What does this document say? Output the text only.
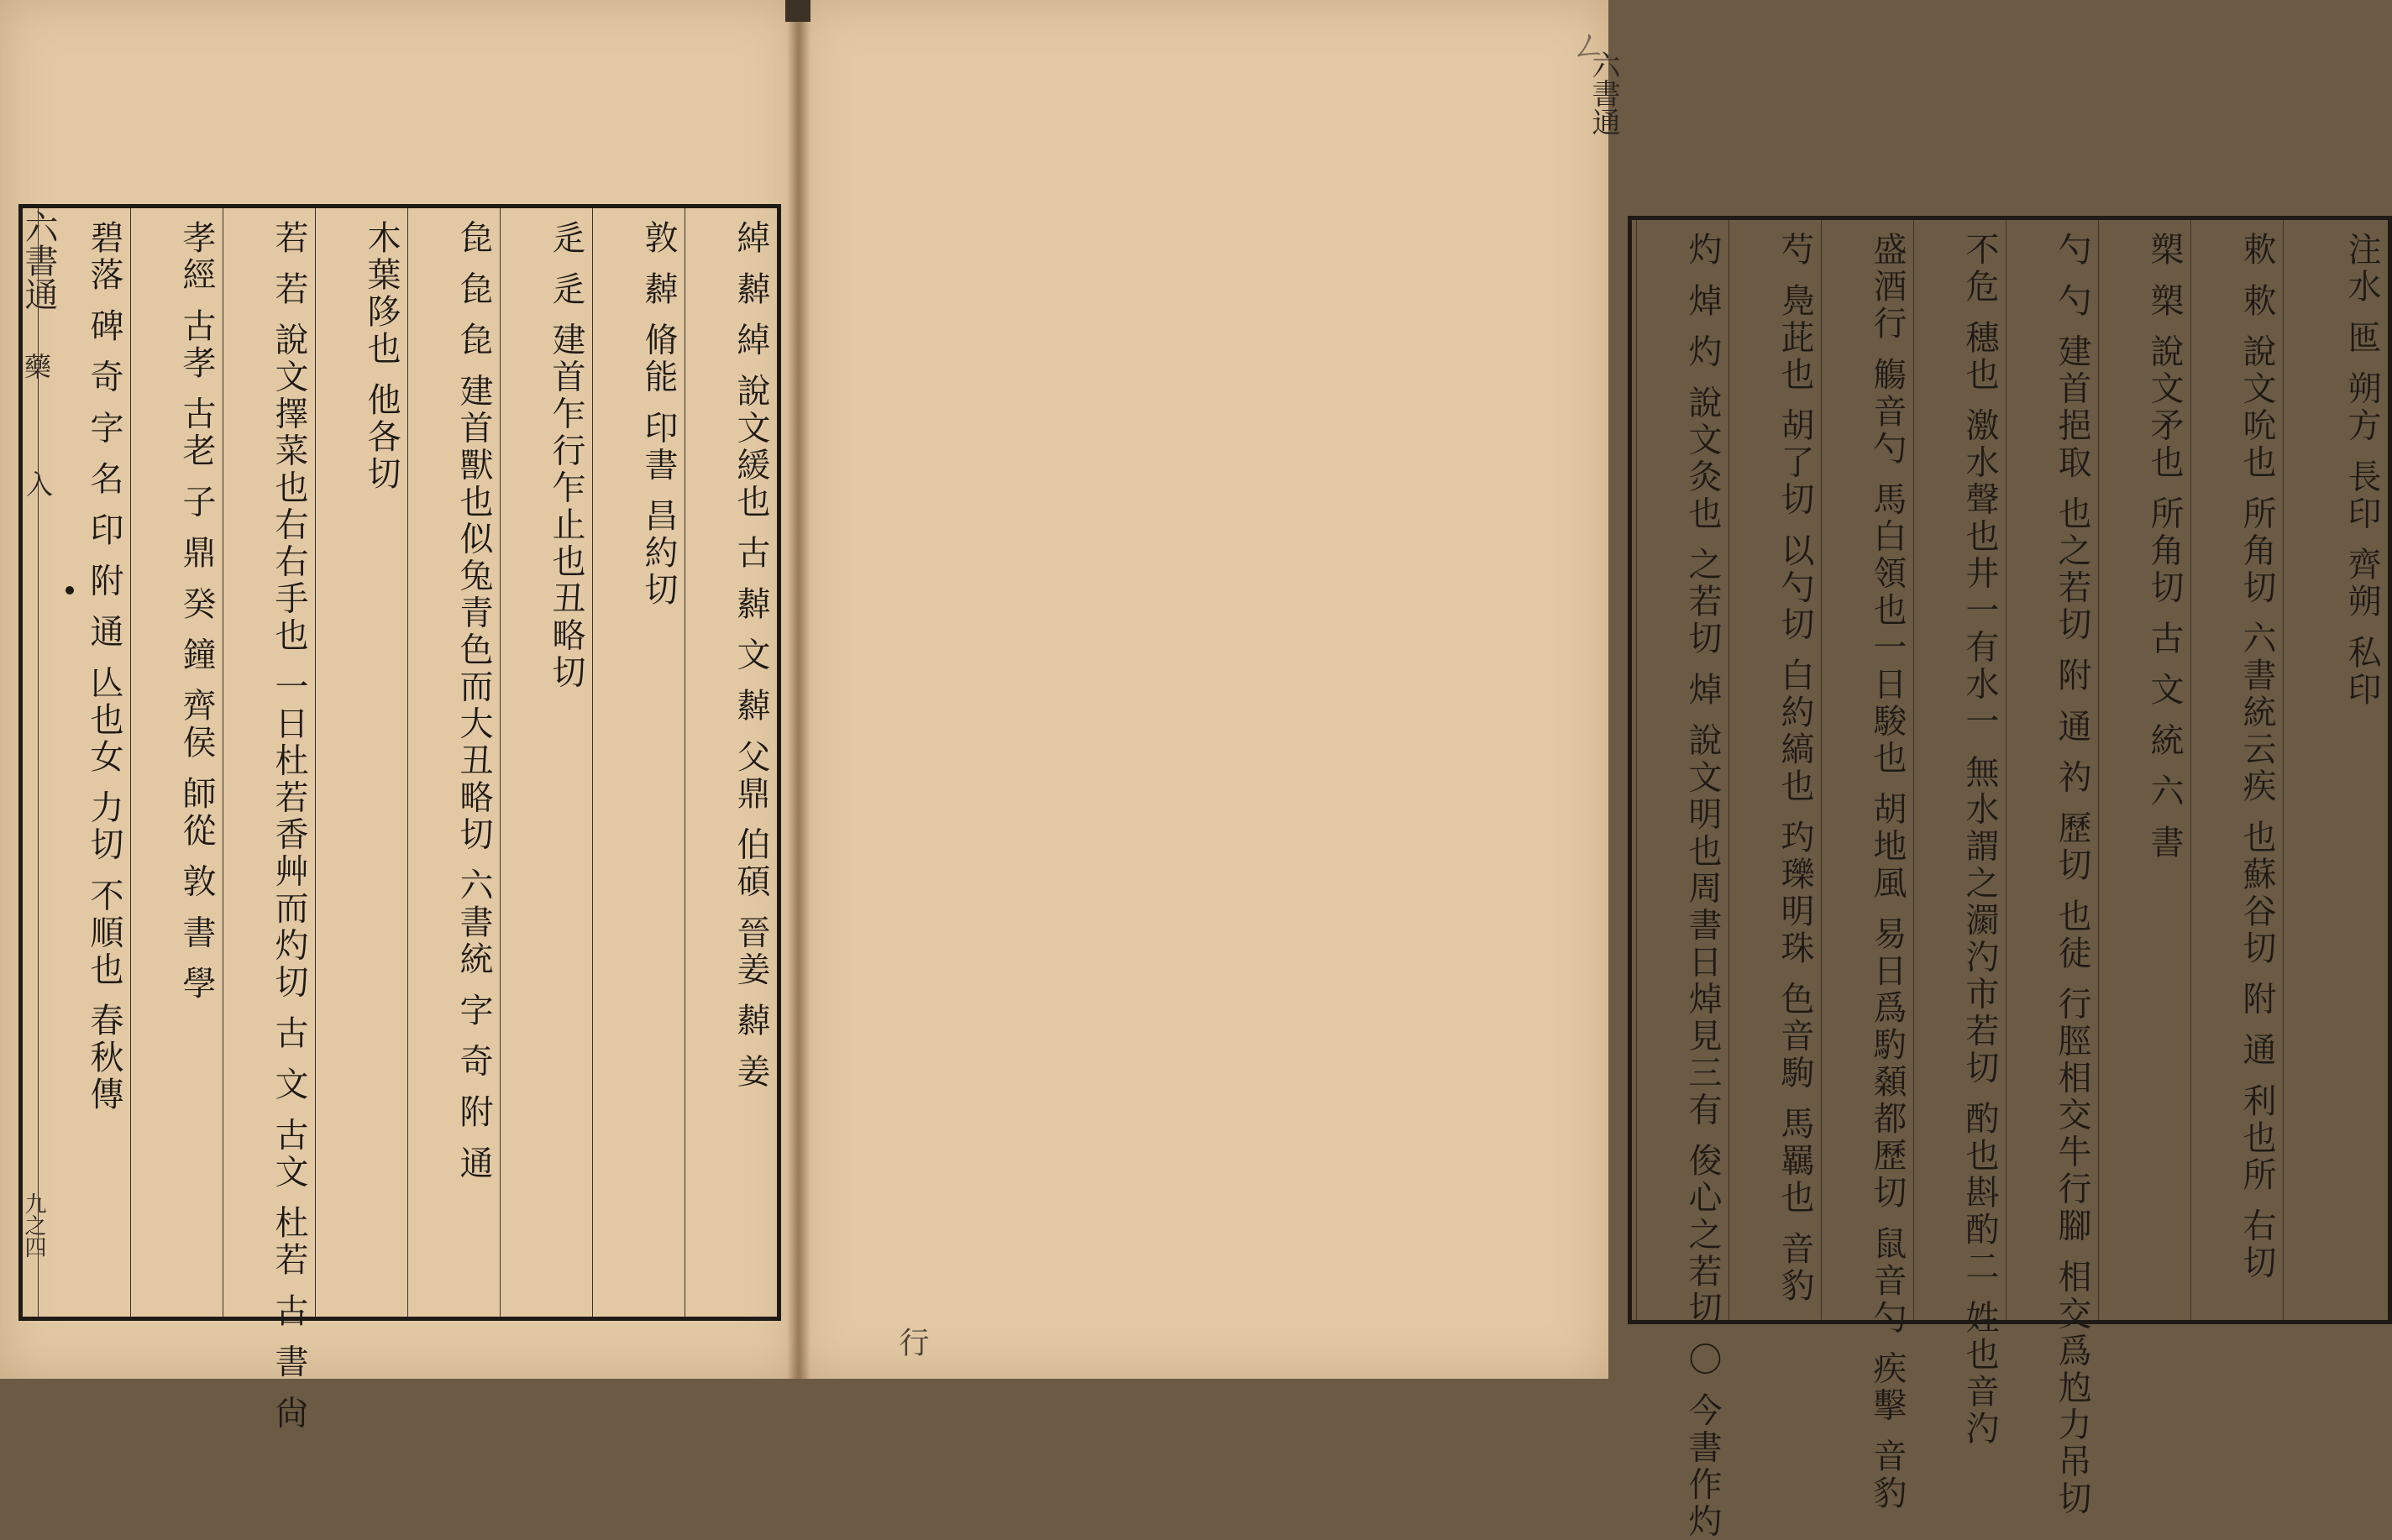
六書通
藥
入
九之四
綽 繛 綽 說文緩也 古 繛 文 繛 父鼎 伯碩 晉姜 繛 姜
敦 繛 脩能 印書 昌約切
辵 辵 建首乍行乍止也丑略切
㲋 㲋 㲋 建首獸也似兔青色而大丑略切 六書統 字 奇 附 通
木葉陊也 他各切
若 若 說文擇菜也右右手也 一日杜若香艸而灼切 古 文 古文 杜若 古 書 尙
孝經 古孝 古老 子 鼎 癸 鐘 齊侯 師從 敦 書 學
碧落 碑 奇 字 名 印 附 通 亾也女 力切 不順也 春秋傳
六書通
ㄥ
注水 匜 朔方 長印 齊朔 私印
欶 欶 說文吮也 所角切 六書統云疾 也蘇谷切 附 通 利也所 右切
槊 槊 說文矛也 所角切 古 文 統 六 書
勺 勺 建首挹取 也之若切 附 通 礿 歷切 也徒 行脛相交牛行腳 相交爲尥力吊切
不危 穗也 激水聲也井一有水一 無水謂之瀱汋市若切 酌也斟酌二 姓也音汋
盛酒行 觴音勺 馬白領也一日駿也 胡地風 易日爲馰顙都歷切 鼠音勺 疾擊 音豹
芍 鳧茈也 胡了切 以勺切 白約縞也 玓瓅明珠 色音駒 馬羈也 音豹
灼 焯 灼 說文灸也 之若切 焯 說文明也周書日焯見三有 俊心之若切 〇 今書作灼
行
